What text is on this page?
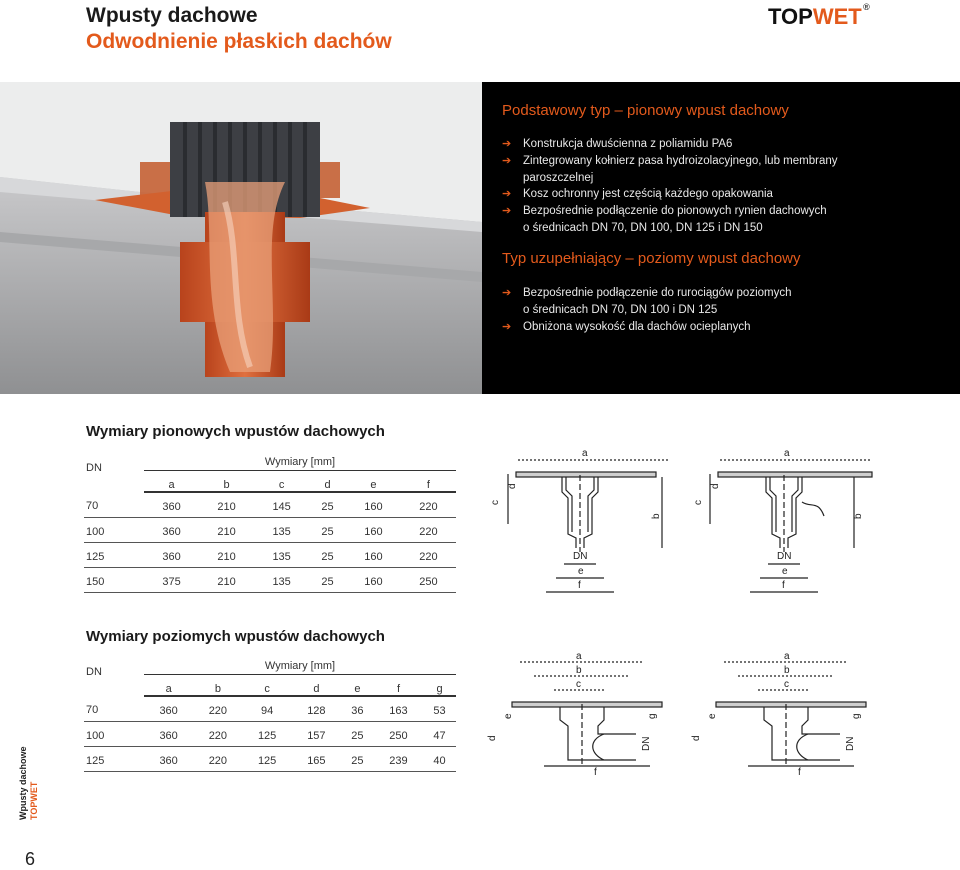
Wpusty dachowe
Odwodnienie płaskich dachów
TOPWET ®
Podstawowy typ – pionowy wpust dachowy
➔ Konstrukcja dwuścienna z poliamidu PA6
➔ Zintegrowany kołnierz pasa hydroizolacyjnego, lub membrany
paroszczelnej
➔ Kosz ochronny jest częścią każdego opakowania
➔ Bezpośrednie podłączenie do pionowych rynien dachowych
o średnicach DN 70, DN 100, DN 125 i DN 150
Typ uzupełniający – poziomy wpust dachowy
➔ Bezpośrednie podłączenie do rurociągów poziomych
o średnicach DN 70, DN 100 i DN 125
➔ Obniżona wysokość dla dachów ocieplanych
Wymiary pionowych wpustów dachowych
DN	Wymiary [mm]					
	a	b	c	d	e	f
70	360	210	145	25	160	220
100	360	210	135	25	160	220
125	360	210	135	25	160	220
150	375	210	135	25	160	250
a
b
c
d
DN
e
f
a
b
c
d
DN
e
f
Wymiary poziomych wpustów dachowych
DN	Wymiary [mm]						
	a	b	c	d	e	f	g
70	360	220	94	128	36	163	53
100	360	220	125	157	25	250	47
125	360	220	125	165	25	239	40
a
b
c
d
e	g
DN
f
a
b
c
d
e	g
DN
f
Wpusty dachowe TOPWET
6
